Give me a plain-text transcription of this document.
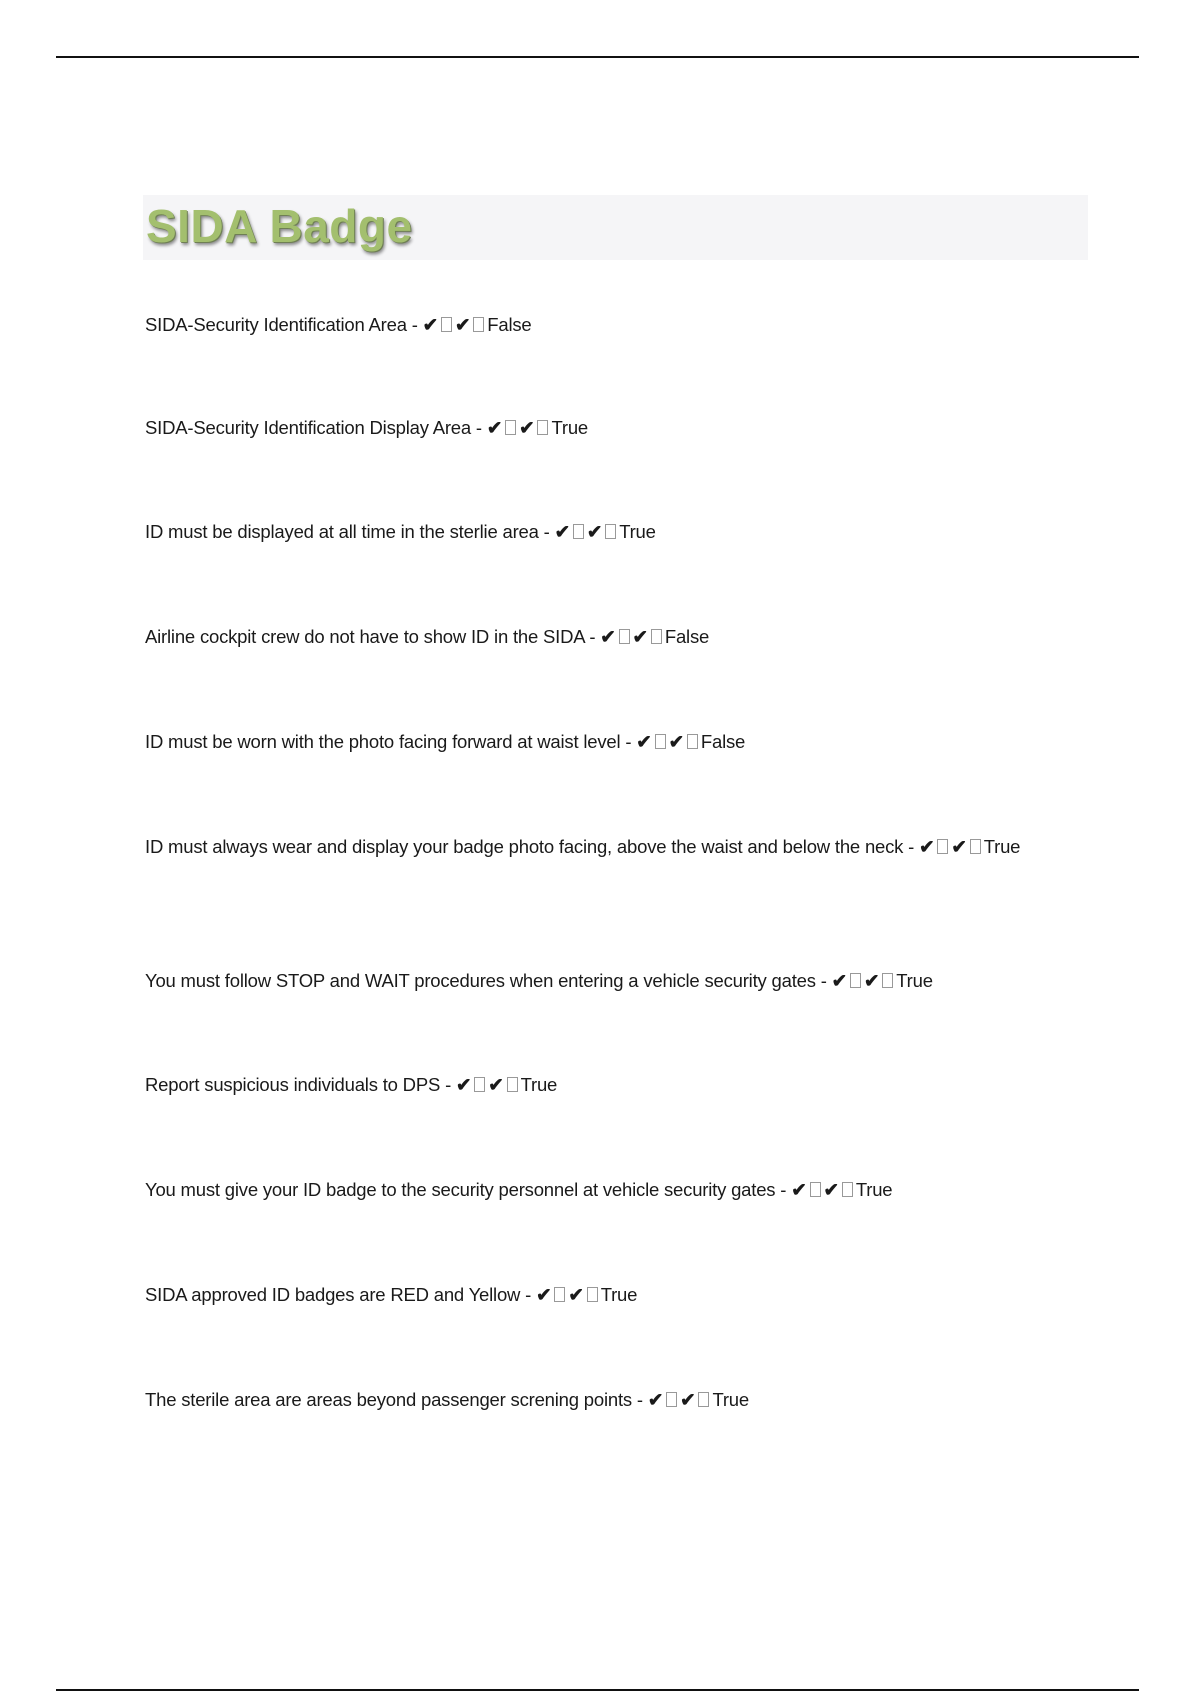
SIDA Badge
SIDA-Security Identification Area - ✔ ✔ False
SIDA-Security Identification Display Area - ✔ ✔ True
ID must be displayed at all time in the sterlie area - ✔ ✔ True
Airline cockpit crew do not have to show ID in the SIDA - ✔ ✔ False
ID must be worn with the photo facing forward at waist level - ✔ ✔ False
ID must always wear and display your badge photo facing, above the waist and below the neck - ✔ ✔ True
You must follow STOP and WAIT procedures when entering a vehicle security gates - ✔ ✔ True
Report suspicious individuals to DPS - ✔ ✔ True
You must give your ID badge to the security personnel at vehicle security gates - ✔ ✔ True
SIDA approved ID badges are RED and Yellow - ✔ ✔ True
The sterile area are areas beyond passenger screning points - ✔ ✔ True
